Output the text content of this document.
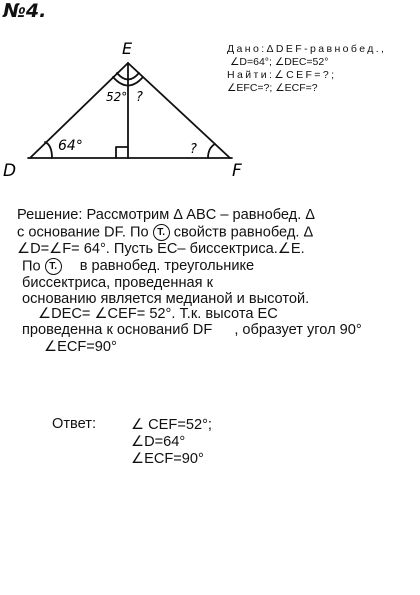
№4.
E
D	F
64°
52° ?
?
Дано:ΔDEF-равнобед.,
∠D=64°; ∠DEC=52°
Найти:∠CEF=?;
∠EFC=?; ∠ECF=?
Решение: Рассмотрим Δ ABC – равнобед. Δ
с основание DF. По Т. свойств равнобед. Δ
∠D=∠F= 64°. Пусть ЕС– биссектриса.∠Е.
По Т. в равнобед. треугольнике
биссектриса, проведенная к
основанию является медианой и высотой.
∠DEC= ∠CEF= 52°. Т.к. высота ЕС
проведенна к основаниб DF , образует угол 90°
∠ECF=90°
Ответ: ∠ CEF=52°;
∠D=64°
∠ECF=90°
